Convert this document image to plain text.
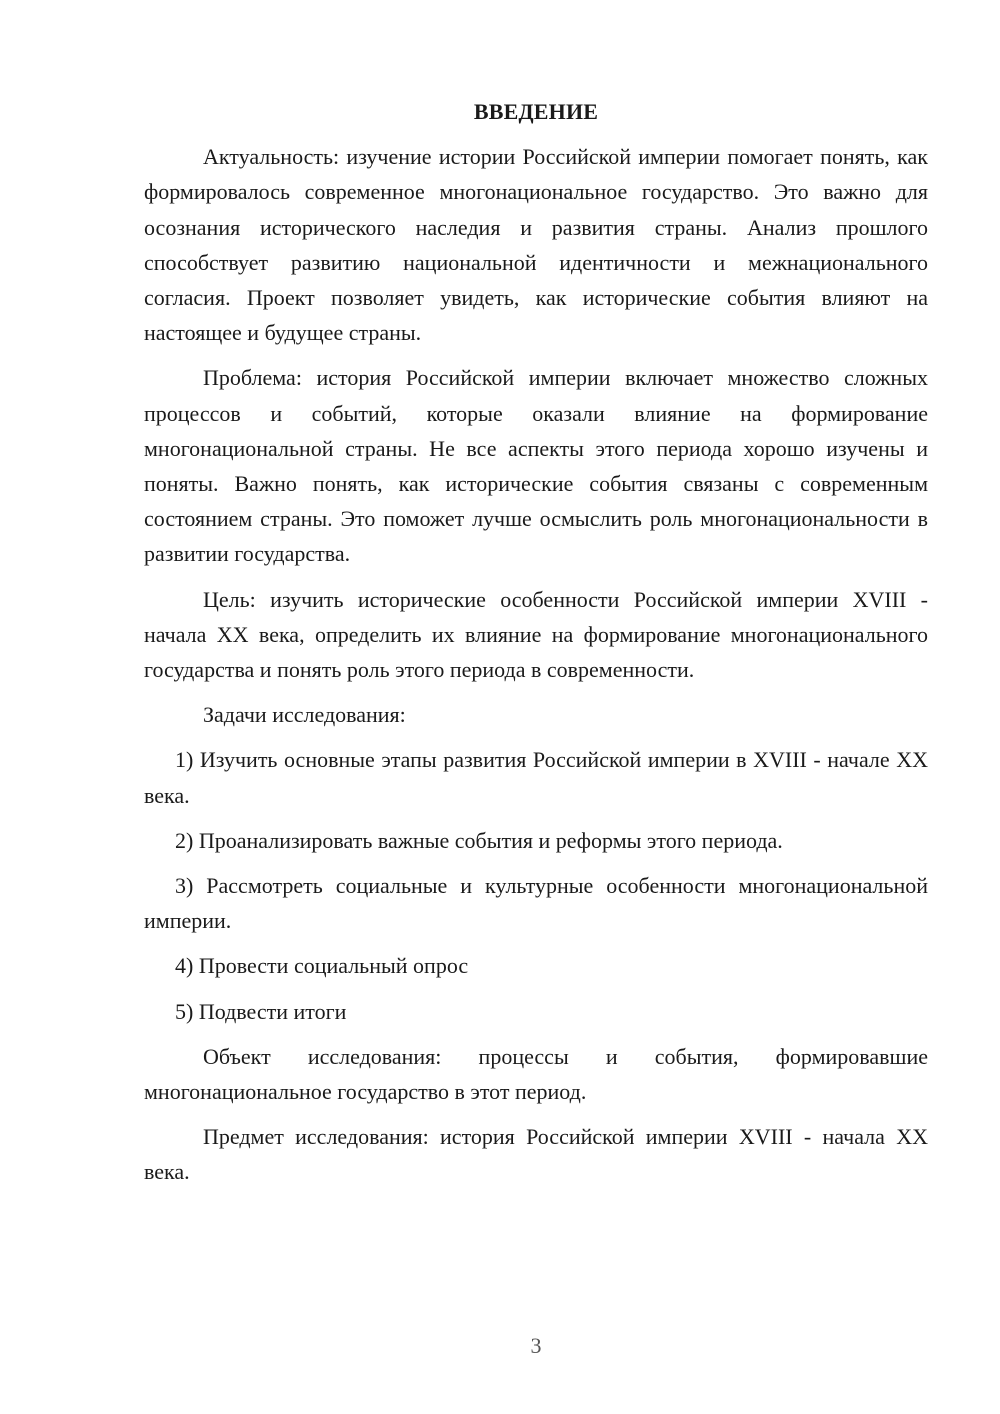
ВВЕДЕНИЕ

Актуальность: изучение истории Российской империи помогает понять, как формировалось современное многонациональное государство. Это важно для осознания исторического наследия и развития страны. Анализ прошлого способствует развитию национальной идентичности и межнационального согласия. Проект позволяет увидеть, как исторические события влияют на настоящее и будущее страны.

Проблема: история Российской империи включает множество сложных процессов и событий, которые оказали влияние на формирование многонациональной страны. Не все аспекты этого периода хорошо изучены и поняты. Важно понять, как исторические события связаны с современным состоянием страны. Это поможет лучше осмыслить роль многонациональности в развитии государства.

Цель: изучить исторические особенности Российской империи XVIII - начала XX века, определить их влияние на формирование многонационального государства и понять роль этого периода в современности.

Задачи исследования:

1) Изучить основные этапы развития Российской империи в XVIII - начале XX века.

2) Проанализировать важные события и реформы этого периода.

3) Рассмотреть социальные и культурные особенности многонациональной империи.

4) Провести социальный опрос

5) Подвести итоги

Объект исследования: процессы и события, формировавшие многонациональное государство в этот период.

Предмет исследования: история Российской империи XVIII - начала XX века.

3
